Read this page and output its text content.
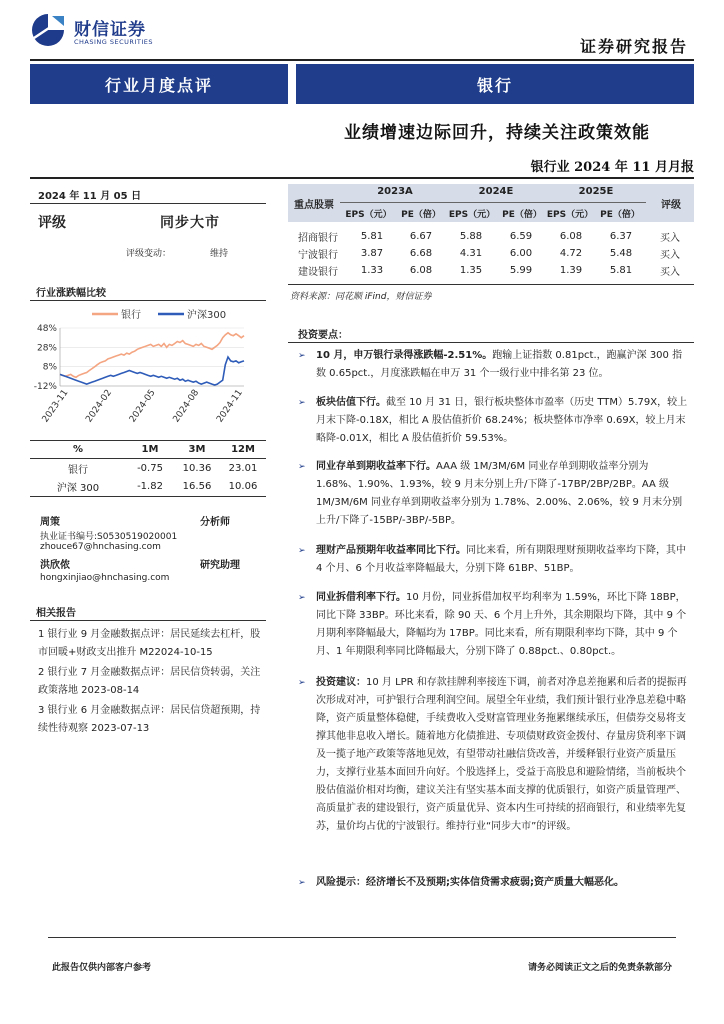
财信证券
CHASING SECURITIES	证券研究报告
行业月度点评	银行
业绩增速边际回升，持续关注政策效能
银行业 2024 年 11 月月报
2024 年 11 月 05 日
评级	同步大市
评级变动：	维持
行业涨跌幅比较
银行	沪深300
48%
28%
8%
-12%
2023-11 2024-02 2024-05 2024-08 2024-11
%	1M	3M	12M
银行	-0.75	10.36	23.01
沪深 300	-1.82	16.56	10.06
周策	分析师
执业证书编号:S0530519020001
zhouce67@hnchasing.com
洪欣侬	研究助理
hongxinjiao@hnchasing.com
相关报告
1 银行业 9 月金融数据点评：居民延续去杠杆，股市回暖+财政支出推升 M22024-10-15
2 银行业 7 月金融数据点评：居民信贷转弱，关注政策落地 2023-08-14
3 银行业 6 月金融数据点评：居民信贷超预期，持续性待观察 2023-07-13
重点股票
2023A	2024E	2025E
评级
EPS（元）	PE（倍） EPS（元） PE（倍） EPS（元） PE（倍）
招商银行	5.81	6.67	5.88	6.59	6.08	6.37	买入
宁波银行	3.87	6.68	4.31	6.00	4.72	5.48	买入
建设银行	1.33	6.08	1.35	5.99	1.39	5.81	买入
资料来源：同花顺 iFind，财信证券
投资要点：
➢ 10 月，申万银行录得涨跌幅-2.51%。跑输上证指数 0.81pct.，跑赢沪深 300 指数 0.65pct.，月度涨跌幅在申万 31 个一级行业中排名第 23 位。
➢ 板块估值下行。截至 10 月 31 日，银行板块整体市盈率（历史 TTM）5.79X，较上月末下降-0.18X，相比 A 股估值折价 68.24%；板块整体市净率 0.69X，较上月末略降-0.01X，相比 A 股估值折价 59.53%。
➢ 同业存单到期收益率下行。AAA 级 1M/3M/6M 同业存单到期收益率分别为 1.68%、1.90%、1.93%，较 9 月末分别上升/下降了-17BP/2BP/2BP。AA 级 1M/3M/6M 同业存单到期收益率分别为 1.78%、2.00%、2.06%，较 9 月末分别上升/下降了-15BP/-3BP/-5BP。
➢ 理财产品预期年收益率同比下行。同比来看，所有期限理财预期收益率均下降，其中 4 个月、6 个月收益率降幅最大，分别下降 61BP、51BP。
➢ 同业拆借利率下行。10 月份，同业拆借加权平均利率为 1.59%，环比下降 18BP，同比下降 33BP。环比来看，除 90 天、6 个月上升外，其余期限均下降，其中 9 个月期利率降幅最大，降幅均为 17BP。同比来看，所有期限利率均下降，其中 9 个月、1 年期限利率同比降幅最大，分别下降了 0.88pct.、0.80pct.。
➢ 投资建议：10 月 LPR 和存款挂牌利率接连下调，前者对净息差拖累和后者的提振再次形成对冲，可护银行合理利润空间。展望全年业绩，我们预计银行业净息差稳中略降，资产质量整体稳健，手续费收入受财富管理业务拖累继续承压，但债券交易将支撑其他非息收入增长。随着地方化债推进、专项债财政资金拨付、存量房贷利率下调及一揽子地产政策等落地见效，有望带动社融信贷改善，并缓释银行业资产质量压力，支撑行业基本面回升向好。个股选择上，受益于高股息和避险情绪，当前板块个股估值溢价相对均衡，建议关注有坚实基本面支撑的优质银行，如资产质量管理严、高质量扩表的建设银行，资产质量优异、资本内生可持续的招商银行，和业绩率先复苏，量价均占优的宁波银行。维持行业“同步大市”的评级。
➢ 风险提示：经济增长不及预期;实体信贷需求疲弱;资产质量大幅恶化。
此报告仅供内部客户参考	请务必阅读正文之后的免责条款部分
